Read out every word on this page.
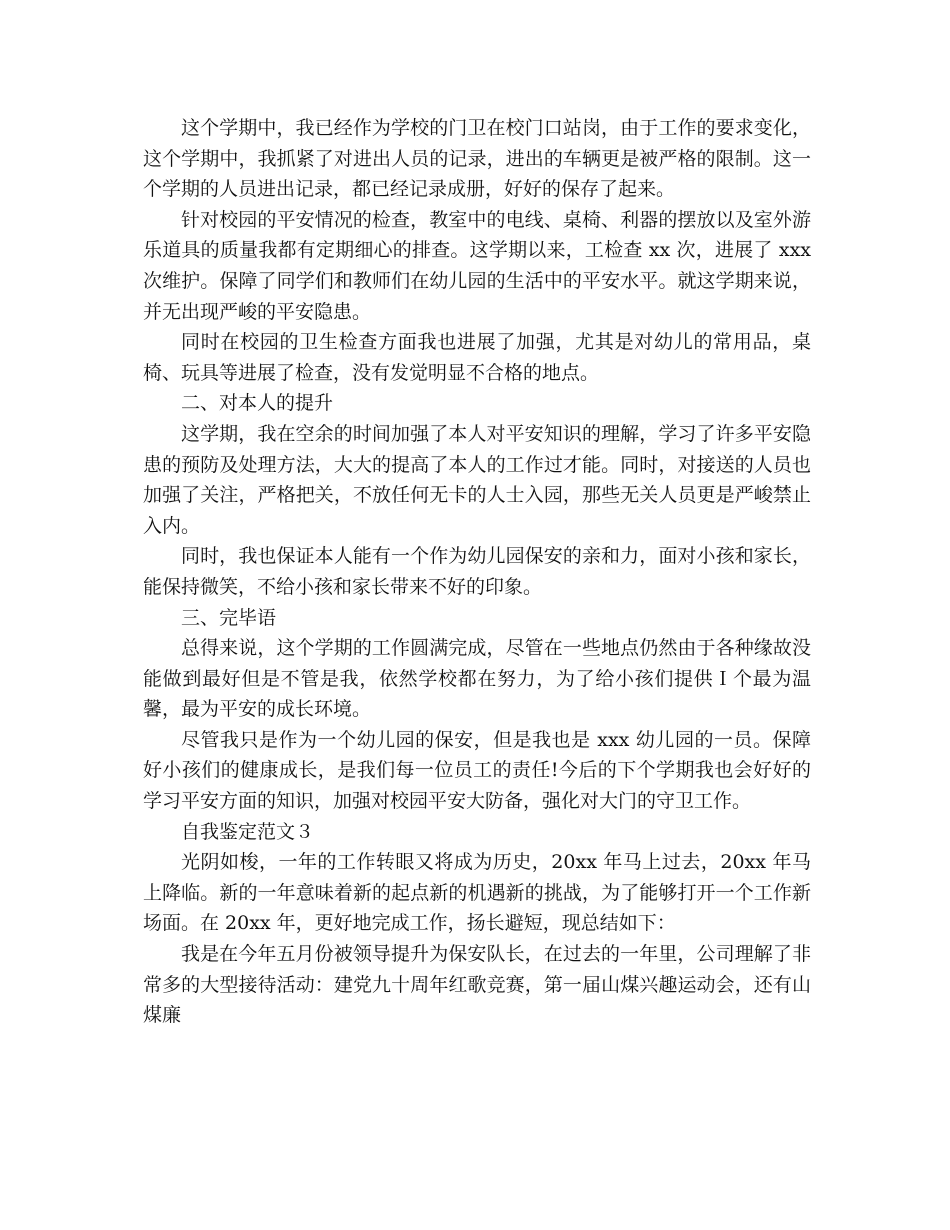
这个学期中，我已经作为学校的门卫在校门口站岗，由于工作的要求变化，这个学期中，我抓紧了对进出人员的记录，进出的车辆更是被严格的限制。这一个学期的人员进出记录，都已经记录成册，好好的保存了起来。

针对校园的平安情况的检查，教室中的电线、桌椅、利器的摆放以及室外游乐道具的质量我都有定期细心的排查。这学期以来，工检查 xx 次，进展了 xxx 次维护。保障了同学们和教师们在幼儿园的生活中的平安水平。就这学期来说，并无出现严峻的平安隐患。

同时在校园的卫生检查方面我也进展了加强，尤其是对幼儿的常用品，桌椅、玩具等进展了检查，没有发觉明显不合格的地点。

二、对本人的提升

这学期，我在空余的时间加强了本人对平安知识的理解，学习了许多平安隐患的预防及处理方法，大大的提高了本人的工作过才能。同时，对接送的人员也加强了关注，严格把关，不放任何无卡的人士入园，那些无关人员更是严峻禁止入内。

同时，我也保证本人能有一个作为幼儿园保安的亲和力，面对小孩和家长，能保持微笑，不给小孩和家长带来不好的印象。

三、完毕语

总得来说，这个学期的工作圆满完成，尽管在一些地点仍然由于各种缘故没能做到最好但是不管是我，依然学校都在努力，为了给小孩们提供Ｉ个最为温馨，最为平安的成长环境。

尽管我只是作为一个幼儿园的保安，但是我也是 xxx 幼儿园的一员。保障好小孩们的健康成长，是我们每一位员工的责任!今后的下个学期我也会好好的学习平安方面的知识，加强对校园平安大防备，强化对大门的守卫工作。

自我鉴定范文３

光阴如梭，一年的工作转眼又将成为历史，20xx 年马上过去，20xx 年马上降临。新的一年意味着新的起点新的机遇新的挑战，为了能够打开一个工作新场面。在 20xx 年，更好地完成工作，扬长避短，现总结如下：

我是在今年五月份被领导提升为保安队长，在过去的一年里，公司理解了非常多的大型接待活动：建党九十周年红歌竞赛，第一届山煤兴趣运动会，还有山煤廉
